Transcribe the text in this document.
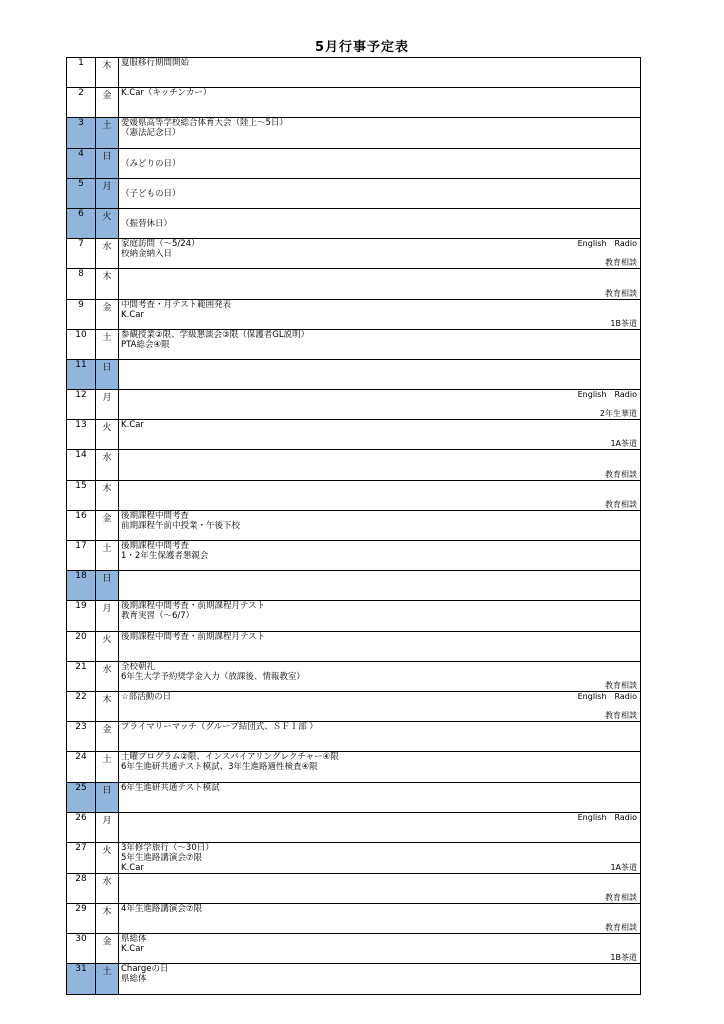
5月行事予定表
1	木	夏服移行期間開始

2	金	K.Car（キッチンカー）

3	土	愛媛県高等学校総合体育大会（陸上～5日）
（憲法記念日）

4	日	（みどりの日）

5	月	（子どもの日）

6	火	（振替休日）

7	水	家庭訪問（～5/24）
校納金納入日
English　Radio
教育相談

8	木	教育相談

9	金	中間考査・月テスト範囲発表
K.Car
1B茶道

10	土	参観授業②限、学級懇談会③限（保護者GL説明）
PTA総会④限

11	日	

12	月	English　Radio
2年生華道

13	火	K.Car
1A茶道

14	水	教育相談

15	木	教育相談

16	金	後期課程中間考査
前期課程午前中授業・午後下校

17	土	後期課程中間考査
1・2年生保護者懇親会

18	日	

19	月	後期課程中間考査・前期課程月テスト
教育実習（～6/7）

20	火	後期課程中間考査・前期課程月テスト

21	水	全校朝礼
6年生大学予約奨学金入力（放課後、情報教室）
教育相談

22	木	☆部活動の日 English　Radio
教育相談

23	金	プライマリーマッチ（グループ結団式、ＳＦＩ部 ）

24	土	土曜プログラム②限、インスパイアリングレクチャー④限
6年生進研共通テスト模試、3年生進路適性検査④限

25	日	6年生進研共通テスト模試

26	月	English　Radio

27	火	3年修学旅行（～30日）
5年生進路講演会⑦限
K.Car 1A茶道

28	水	教育相談

29	木	4年生進路講演会⑦限
教育相談

30	金	県総体
K.Car
1B茶道

31	土	Chargeの日
県総体
